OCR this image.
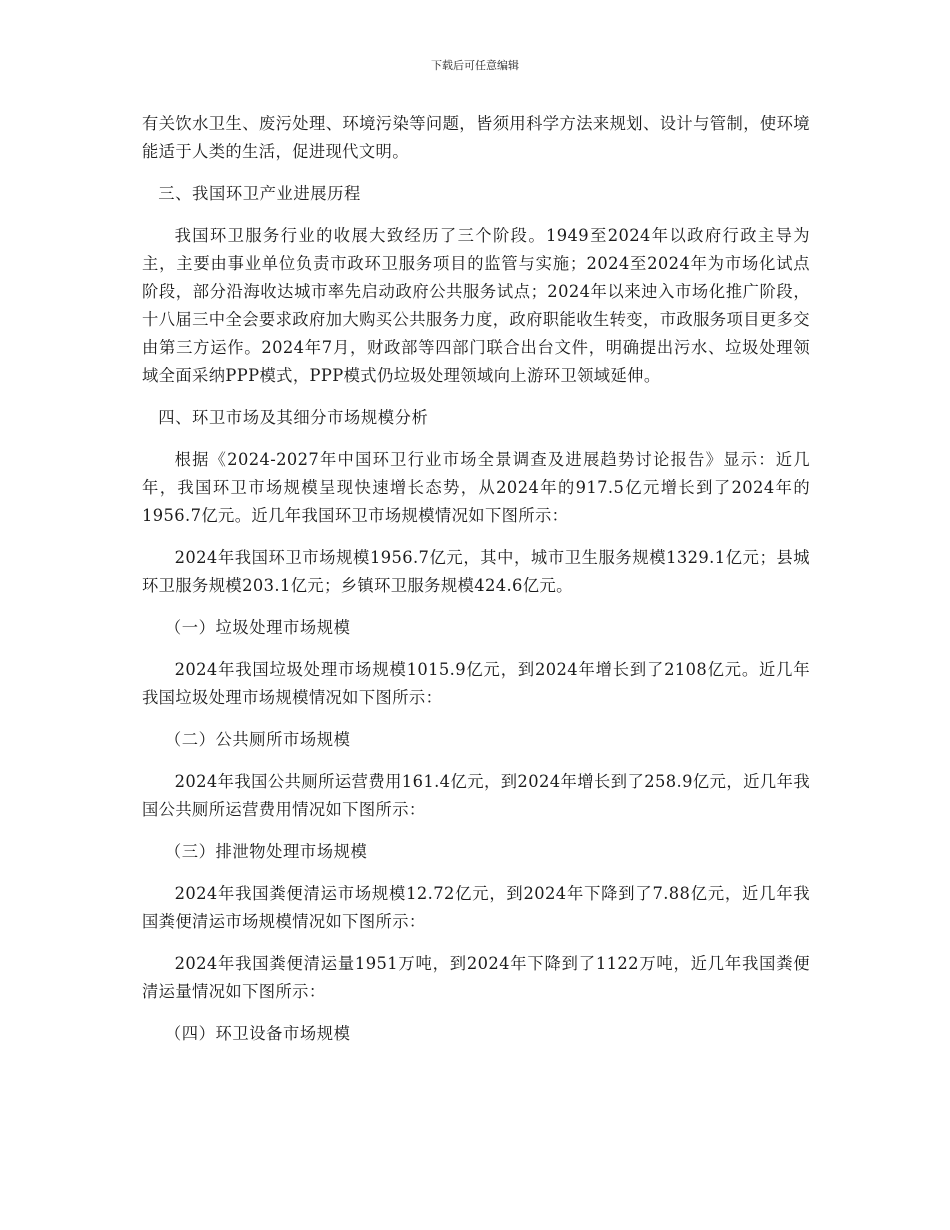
下载后可任意编辑

有关饮水卫生、废污处理、环境污染等问题，皆须用科学方法来规划、设计与管制，使环境能适于人类的生活，促进现代文明。

三、我国环卫产业进展历程

我国环卫服务行业的收展大致经历了三个阶段。1949至2024年以政府行政主导为主，主要由事业单位负责市政环卫服务项目的监管与实施；2024至2024年为市场化试点阶段，部分沿海收达城市率先启动政府公共服务试点；2024年以来迚入市场化推广阶段，十八届三中全会要求政府加大购买公共服务力度，政府职能收生转变，市政服务项目更多交由第三方运作。2024年7月，财政部等四部门联合出台文件，明确提出污水、垃圾处理领域全面采纳PPP模式，PPP模式仍垃圾处理领域向上游环卫领域延伸。

四、环卫市场及其细分市场规模分析

根据《2024-2027年中国环卫行业市场全景调查及进展趋势讨论报告》显示：近几年，我国环卫市场规模呈现快速增长态势，从2024年的917.5亿元增长到了2024年的1956.7亿元。近几年我国环卫市场规模情况如下图所示：

2024年我国环卫市场规模1956.7亿元，其中，城市卫生服务规模1329.1亿元；县城环卫服务规模203.1亿元；乡镇环卫服务规模424.6亿元。

（一）垃圾处理市场规模

2024年我国垃圾处理市场规模1015.9亿元，到2024年增长到了2108亿元。近几年我国垃圾处理市场规模情况如下图所示：

（二）公共厕所市场规模

2024年我国公共厕所运营费用161.4亿元，到2024年增长到了258.9亿元，近几年我国公共厕所运营费用情况如下图所示：

（三）排泄物处理市场规模

2024年我国粪便清运市场规模12.72亿元，到2024年下降到了7.88亿元，近几年我国粪便清运市场规模情况如下图所示：

2024年我国粪便清运量1951万吨，到2024年下降到了1122万吨，近几年我国粪便清运量情况如下图所示：

（四）环卫设备市场规模
